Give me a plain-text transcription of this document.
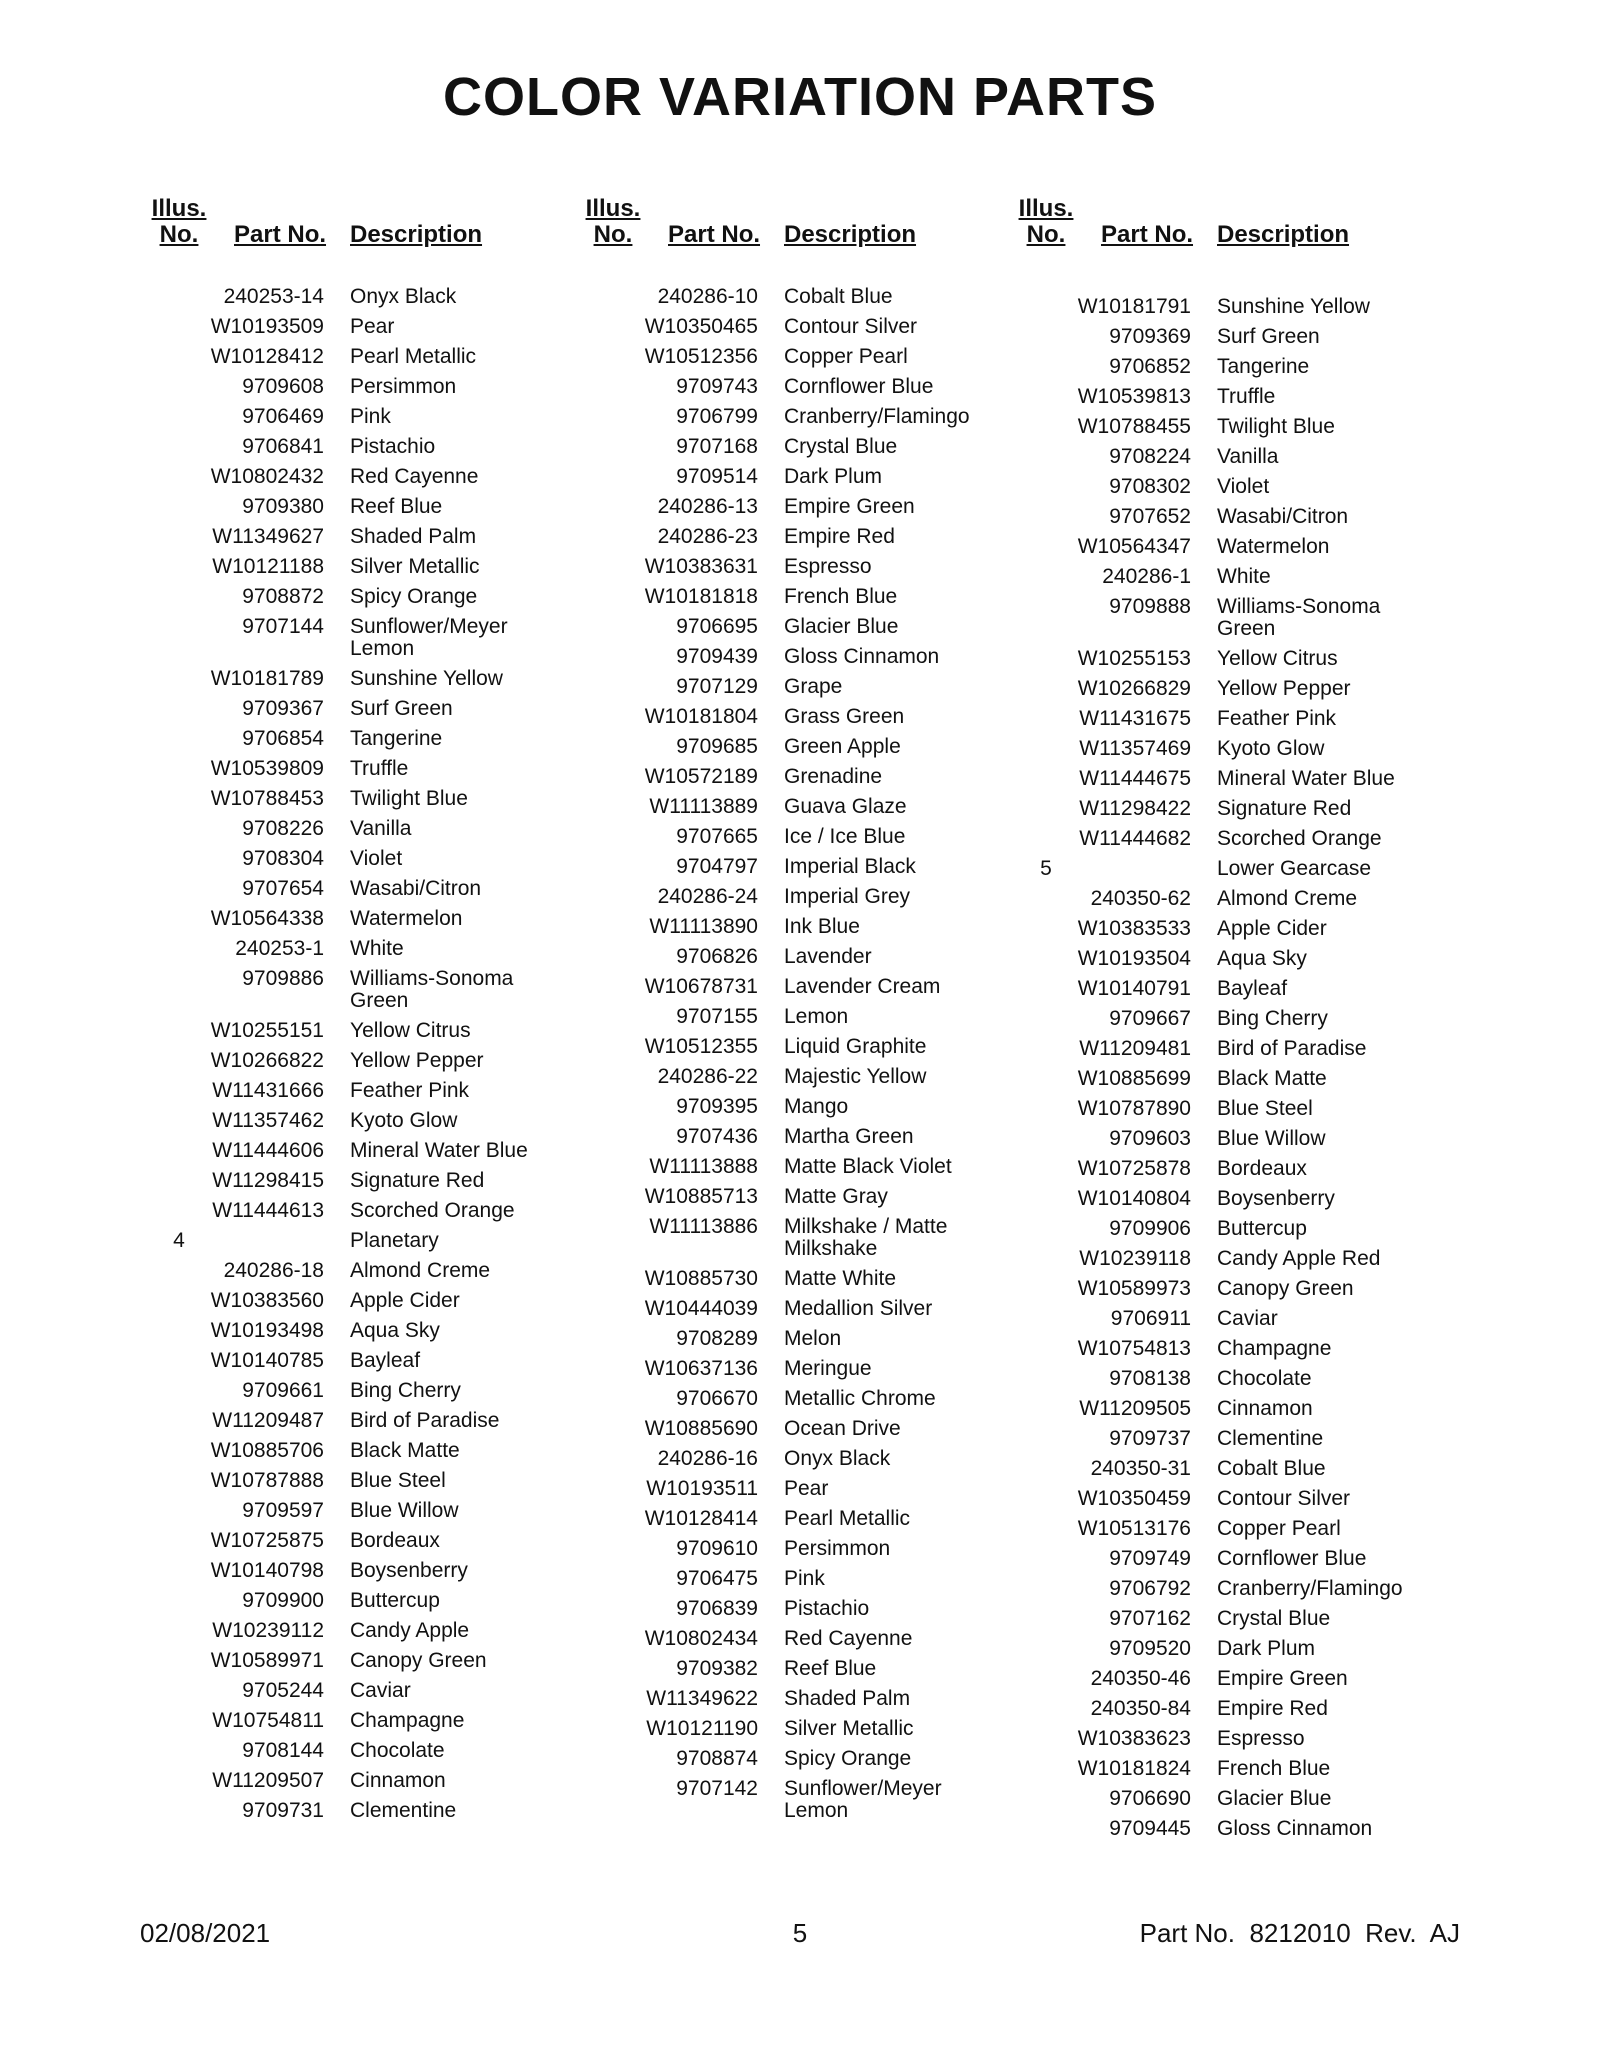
COLOR VARIATION PARTS
Illus.
No.	Part No. Description
240253-14 Onyx Black
W10193509 Pear
W10128412 Pearl Metallic
9709608 Persimmon
9706469 Pink
9706841 Pistachio
W10802432 Red Cayenne
9709380 Reef Blue
W11349627 Shaded Palm
W10121188 Silver Metallic
9708872 Spicy Orange
9707144 Sunflower/Meyer Lemon
W10181789 Sunshine Yellow
9709367 Surf Green
9706854 Tangerine
W10539809 Truffle
W10788453 Twilight Blue
9708226 Vanilla
9708304 Violet
9707654 Wasabi/Citron
W10564338 Watermelon
240253-1 White
9709886 Williams-Sonoma Green
W10255151 Yellow Citrus
W10266822 Yellow Pepper
W11431666 Feather Pink
W11357462 Kyoto Glow
W11444606 Mineral Water Blue
W11298415 Signature Red
W11444613 Scorched Orange
4	Planetary
240286-18 Almond Creme
W10383560 Apple Cider
W10193498 Aqua Sky
W10140785 Bayleaf
9709661 Bing Cherry
W11209487 Bird of Paradise
W10885706 Black Matte
W10787888 Blue Steel
9709597 Blue Willow
W10725875 Bordeaux
W10140798 Boysenberry
9709900 Buttercup
W10239112 Candy Apple
W10589971 Canopy Green
9705244 Caviar
W10754811 Champagne
9708144 Chocolate
W11209507 Cinnamon
9709731 Clementine
Illus.
No.	Part No. Description
240286-10 Cobalt Blue
W10350465 Contour Silver
W10512356 Copper Pearl
9709743 Cornflower Blue
9706799 Cranberry/Flamingo
9707168 Crystal Blue
9709514 Dark Plum
240286-13 Empire Green
240286-23 Empire Red
W10383631 Espresso
W10181818 French Blue
9706695 Glacier Blue
9709439 Gloss Cinnamon
9707129 Grape
W10181804 Grass Green
9709685 Green Apple
W10572189 Grenadine
W11113889 Guava Glaze
9707665 Ice / Ice Blue
9704797 Imperial Black
240286-24 Imperial Grey
W11113890 Ink Blue
9706826 Lavender
W10678731 Lavender Cream
9707155 Lemon
W10512355 Liquid Graphite
240286-22 Majestic Yellow
9709395 Mango
9707436 Martha Green
W11113888 Matte Black Violet
W10885713 Matte Gray
W11113886 Milkshake / Matte Milkshake
W10885730 Matte White
W10444039 Medallion Silver
9708289 Melon
W10637136 Meringue
9706670 Metallic Chrome
W10885690 Ocean Drive
240286-16 Onyx Black
W10193511 Pear
W10128414 Pearl Metallic
9709610 Persimmon
9706475 Pink
9706839 Pistachio
W10802434 Red Cayenne
9709382 Reef Blue
W11349622 Shaded Palm
W10121190 Silver Metallic
9708874 Spicy Orange
9707142 Sunflower/Meyer Lemon
Illus.
No.	Part No. Description
W10181791 Sunshine Yellow
9709369 Surf Green
9706852 Tangerine
W10539813 Truffle
W10788455 Twilight Blue
9708224 Vanilla
9708302 Violet
9707652 Wasabi/Citron
W10564347 Watermelon
240286-1 White
9709888 Williams-Sonoma Green
W10255153 Yellow Citrus
W10266829 Yellow Pepper
W11431675 Feather Pink
W11357469 Kyoto Glow
W11444675 Mineral Water Blue
W11298422 Signature Red
W11444682 Scorched Orange
5	Lower Gearcase
240350-62 Almond Creme
W10383533 Apple Cider
W10193504 Aqua Sky
W10140791 Bayleaf
9709667 Bing Cherry
W11209481 Bird of Paradise
W10885699 Black Matte
W10787890 Blue Steel
9709603 Blue Willow
W10725878 Bordeaux
W10140804 Boysenberry
9709906 Buttercup
W10239118 Candy Apple Red
W10589973 Canopy Green
9706911 Caviar
W10754813 Champagne
9708138 Chocolate
W11209505 Cinnamon
9709737 Clementine
240350-31 Cobalt Blue
W10350459 Contour Silver
W10513176 Copper Pearl
9709749 Cornflower Blue
9706792 Cranberry/Flamingo
9707162 Crystal Blue
9709520 Dark Plum
240350-46 Empire Green
240350-84 Empire Red
W10383623 Espresso
W10181824 French Blue
9706690 Glacier Blue
9709445 Gloss Cinnamon
5
02/08/2021	Part No.  8212010  Rev.  AJ
